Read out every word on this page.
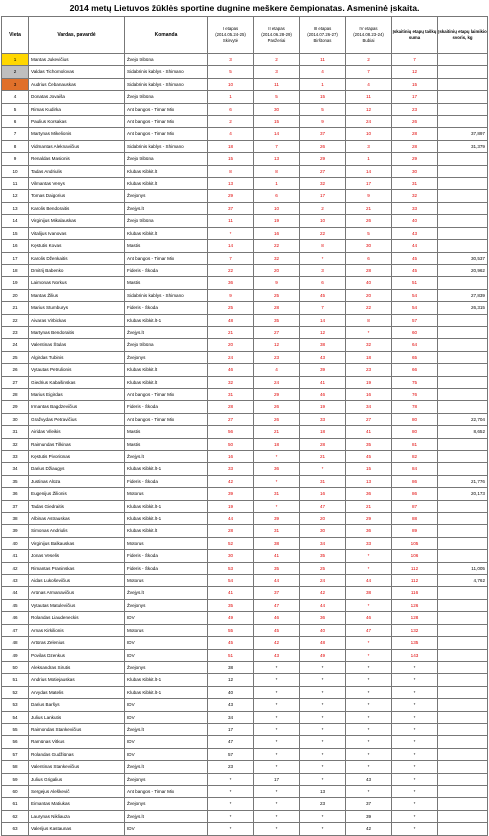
2014 metų Lietuvos žūklės sportine dugnine meškere čempionatas. Asmeninė įskaita.
Vieta	Vardas, pavardė	Komanda	I etapas
(2014.05.24-25)
Skirvytė	II etapas
(2014.06.28-29)
Pasžeriai	III etapas
(2014.07.26-27)
Birštonas	IV etapas
(2014.08.23-24)
Bubiai	Įskaitinių etapų taškų suma	Įskaitinių etapų laimikio svoris, kg
1	Mantas Jukevičius	Žvejo tribūna	3	2	11	2	7	
2	Valdas Tichomolovas	Sidabrinis kablys - Shimano	5	3	4	7	12	
3	Audrius Čebanauskas	Sidabrinis kablys - Shimano	10	11	1	4	15	
4	Donatas Jovaiša	Žvejo tribūna	1	5	15	11	17	
5	Rimas Kudirka	Ant bangos - Timar Mix	6	30	5	12	23	
6	Paulius Korsakas	Ant bangos - Timar Mix	2	15	9	24	26	
7	Martynas Mikelionis	Ant bangos - Timar Mix	4	14	37	10	28	37,897
8	Vidmantas Aleknavičius	Sidabrinis kablys - Shimano	18	7	26	3	28	31,379
9	Renaldas Masionis	Žvejo tribūna	15	13	29	1	29	
10	Tadas Andriulis	Klubas Kibkit.lt	8	8	27	14	30	
11	Vilmantas Venys	Klubas Kibkit.lt	13	1	32	17	31	
12	Tomas Daigorius	Žvejonys	29	6	17	9	32	
13	Karolis Bendoraitis	Žvejys.lt	37	10	2	21	33	
14	Virginijus Mikalauskas	Žvejo tribūna	11	19	10	26	40	
15	Vitalijus Ivanovas	Klubas Kibkit.lt	*	16	22	5	43	
16	Kęstutis Kovas	Mastis	14	22	8	30	44	
17	Karolis Dženkaitis	Ant bangos - Timar Mix	7	32	*	6	45	30,537
18	Dmitrij Babenko	Fideris - Škoda	22	20	3	28	45	20,962
19	Laimonas Norkus	Mastis	36	9	6	40	51	
20	Mantas Žilius	Sidabrinis kablys - Shimano	9	25	45	20	54	27,839
21	Marius Stumburys	Fideris - Škoda	25	28	7	22	54	26,315
22	Aivaras Virbickas	Klubas Kibkit.lt-1	48	35	14	8	57	
23	Martynas Bendoraitis	Žvejys.lt	21	27	12	*	60	
24	Valentinas Štulas	Žvejo tribūna	20	12	38	32	64	
25	Algirdas Tubinis	Žvejonys	24	23	43	18	65	
26	Vytautas Petrulionis	Klubas Kibkit.lt	46	4	39	23	66	
27	Giedrius Kabašinskas	Klubas Kibkit.lt	32	24	41	19	75	
28	Marius Eigirdas	Ant bangos - Timar Mix	31	29	46	16	76	
29	Irmantas Bagdzevičius	Fideris - Škoda	28	26	19	34	78	
30	Gražvydas Petravičius	Ant bangos - Timar Mix	27	26	33	27	80	22,704
31	Airidas Vileikis	Mastis	56	21	18	41	80	8,652
32	Raimundas Tilkinas	Mastis	50	18	28	35	81	
33	Kęstutis Pivoriūnas	Žvejys.lt	16	*	21	45	82	
34	Darius Džiaugys	Klubas Kibkit.lt-1	33	36	*	15	84	
35	Justinas Alūza	Fideris - Škoda	42	*	31	13	86	21,776
36	Eugenijus Žilionis	Motorus	39	31	16	36	86	20,173
37	Tadas Giedraitis	Klubas Kibkit.lt-1	19	*	47	21	87	
38	Albinas Astrauskas	Klubas Kibkit.lt-1	44	39	20	29	88	
39	Simonas Andriulis	Klubas Kibkit.lt	28	31	30	36	89	
40	Virginijus Balkauskas	Motorus	52	38	34	33	105	
41	Jonas Veselis	Fideris - Škoda	30	41	35	*	106	
42	Rimantas Praninskas	Fideris - Škoda	53	35	25	*	112	11,005
43	Aidas Lukoševičius	Motorus	54	44	24	44	112	4,762
44	Arūnas Armanavičius	Žvejys.lt	41	37	42	38	116	
45	Vytautas Matulevičius	Žvejonys	35	47	44	*	126	
46	Rolandas Liaudeneckis	IDV	49	46	36	46	128	
47	Arnas Kirkilionis	Motorus	55	45	40	47	132	
48	Artūras Zelenius	IDV	45	42	48	*	135	
49	Povilas Dzenkus	IDV	51	43	49	*	143	
50	Aleksandras Sirutis	Žvejonys	38	*	*	*	*	
51	Andrius Motiejauskas	Klubas Kibkit.lt-1	12	*	*	*	*	
52	Arvydas Matelis	Klubas Kibkit.lt-1	40	*	*	*	*	
53	Darius Baršys	IDV	43	*	*	*	*	
54	Julius Lankutis	IDV	34	*	*	*	*	
55	Raimondas Stankevičius	Žvejys.lt	17	*	*	*	*	
56	Ramūnas Vitkus	IDV	47	*	*	*	*	
57	Rolandas Gudžiūnas	IDV	57	*	*	*	*	
58	Valentinas Stankevičius	Žvejys.lt	23	*	*	*	*	
59	Julius Grigalius	Žvejonys	*	17	*	43	*	
60	Sergejus Aleškevič	Ant bangos - Timar Mix	*	*	13	*	*	
61	Eimantas Matiukas	Žvejonys	*	*	23	37	*	
62	Laurynas Nikliauza	Žvejys.lt	*	*	*	39	*	
63	Valerijus Kastaunas	IDV	*	*	*	42	*	
